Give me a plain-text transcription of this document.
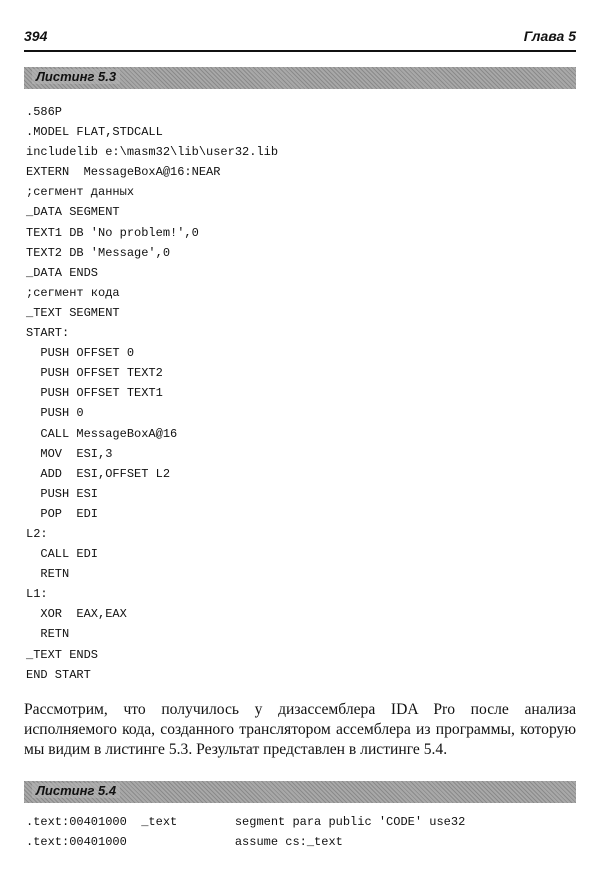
394	Глава 5
Листинг 5.3
.586P
.MODEL FLAT,STDCALL
includelib e:\masm32\lib\user32.lib
EXTERN  MessageBoxA@16:NEAR
;сегмент данных
_DATA SEGMENT
TEXT1 DB 'No problem!',0
TEXT2 DB 'Message',0
_DATA ENDS
;сегмент кода
_TEXT SEGMENT
START:
PUSH OFFSET 0
PUSH OFFSET TEXT2
PUSH OFFSET TEXT1
PUSH 0
CALL MessageBoxA@16
MOV  ESI,3
ADD  ESI,OFFSET L2
PUSH ESI
POP  EDI
L2:
CALL EDI
RETN
L1:
XOR  EAX,EAX
RETN
_TEXT ENDS
END START

Рассмотрим, что получилось у дизассемблера IDA Pro после анализа исполняемого кода, созданного транслятором ассемблера из программы, которую мы видим в листинге 5.3. Результат представлен в листинге 5.4.

Листинг 5.4
.text:00401000  _text        segment para public 'CODE' use32
.text:00401000               assume cs:_text
